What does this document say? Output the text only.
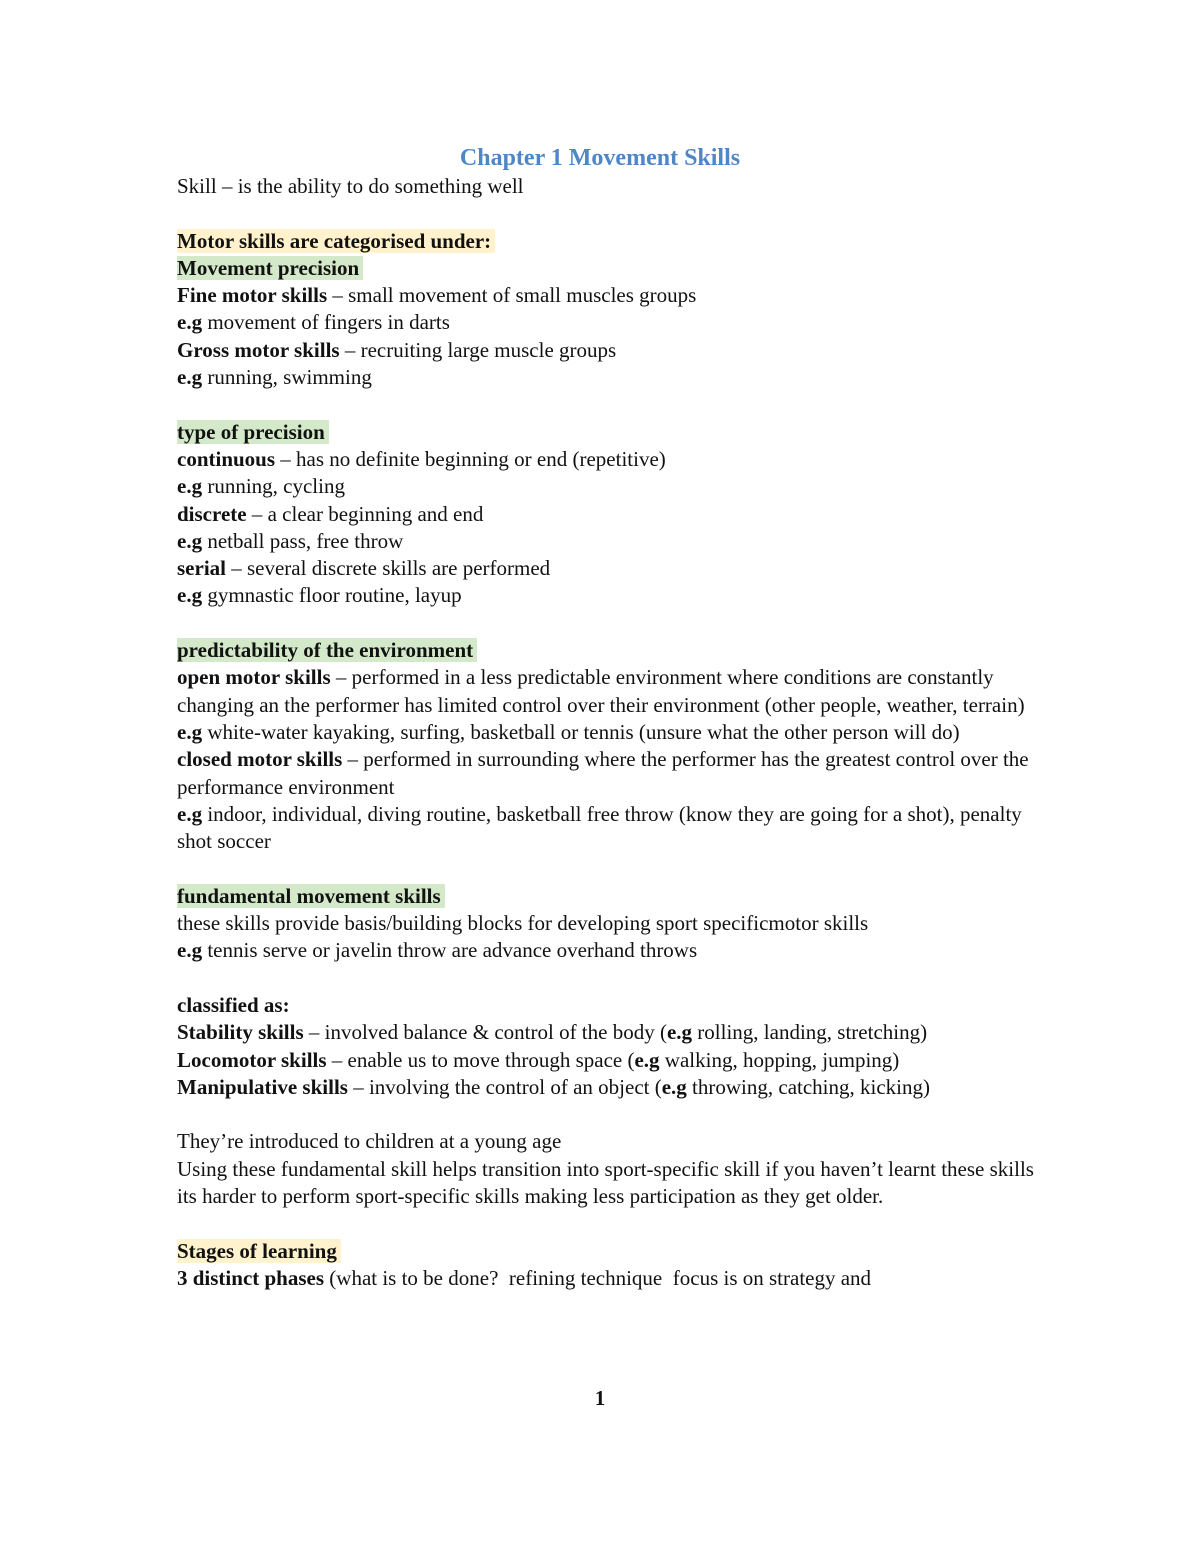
Chapter 1 Movement Skills

Skill – is the ability to do something well

Motor skills are categorised under:

Movement precision

Fine motor skills – small movement of small muscles groups

e.g movement of fingers in darts

Gross motor skills – recruiting large muscle groups

e.g running, swimming

type of precision

continuous – has no definite beginning or end (repetitive)

e.g running, cycling

discrete – a clear beginning and end

e.g netball pass, free throw

serial – several discrete skills are performed

e.g gymnastic floor routine, layup

predictability of the environment

open motor skills – performed in a less predictable environment where conditions are constantly changing an the performer has limited control over their environment (other people, weather, terrain)

e.g white-water kayaking, surfing, basketball or tennis (unsure what the other person will do)

closed motor skills – performed in surrounding where the performer has the greatest control over the performance environment

e.g indoor, individual, diving routine, basketball free throw (know they are going for a shot), penalty shot soccer

fundamental movement skills

these skills provide basis/building blocks for developing sport specificmotor skills

e.g tennis serve or javelin throw are advance overhand throws

classified as:

Stability skills – involved balance & control of the body (e.g rolling, landing, stretching)

Locomotor skills – enable us to move through space (e.g walking, hopping, jumping)

Manipulative skills – involving the control of an object (e.g throwing, catching, kicking)

They’re introduced to children at a young age

Using these fundamental skill helps transition into sport-specific skill if you haven’t learnt these skills its harder to perform sport-specific skills making less participation as they get older.

Stages of learning

3 distinct phases (what is to be done?  refining technique  focus is on strategy and

1
